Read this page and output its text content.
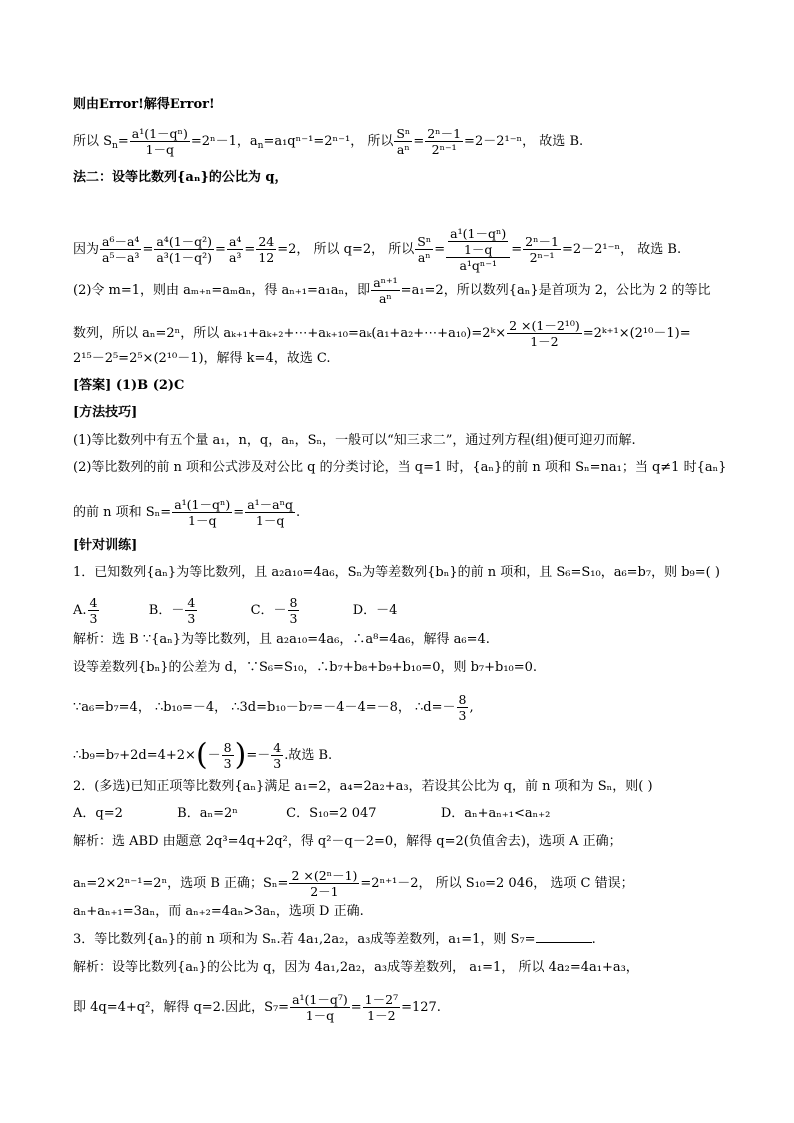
则由Error!解得Error!
所以 $S_n= \frac{\text{a¹(1－qⁿ)}}{1-q} =2^n-1$，$a_n=a_1q^{n-1}=2^{n-1}$， 所以 $\frac{\text{Sⁿ}}{\text{aⁿ}} = \frac{\text{2ⁿ－1}}{\text{2ⁿ⁻¹}} =2-2^{1-n}$， 故选 B.
法二：设等比数列{aₙ}的公比为 q，
因为 $\frac{\text{a⁶－a⁴}}{\text{a⁵－a³}} = \frac{\text{a⁴(1－q²)}}{\text{a³(1－q²)}} = \frac{\text{a⁴}}{\text{a³}} = \frac{24}{12} =2$， 所以 q=2， 所以 $\frac{\text{Sⁿ}}{\text{aⁿ}} = \frac{\frac{\text{a¹(1－qⁿ)}}{1-q}}{\text{a¹qⁿ⁻¹}} = \frac{\text{2ⁿ－1}}{\text{2ⁿ⁻¹}} =2-2^{1-n}$， 故选 B.
(2)令 m=1，则由 aₘ₊ₙ=aₘaₙ，得 aₙ₊₁=a₁aₙ，即 $\frac{\text{aⁿ⁺¹}}{\text{aⁿ}} =a_1=2$，所以数列{aₙ}是首项为 2，公比为 2 的等比
数列，所以 aₙ=2ⁿ，所以 aₖ₊₁+aₖ₊₂+⋯+aₖ₊₁₀=aₖ(a₁+a₂+⋯+a₁₀)=2ᵏ× $\frac{\text{2 ×(1－2¹⁰)}}{1-2}$ =2ᵏ⁺¹×(2¹⁰－1)=
2¹⁵－2⁵=2⁵×(2¹⁰－1)，解得 k=4，故选 C.
[答案] (1)B (2)C
[方法技巧]
(1)等比数列中有五个量 a₁，n，q，aₙ，Sₙ，一般可以“知三求二”，通过列方程(组)便可迎刃而解.
(2)等比数列的前 n 项和公式涉及对公比 q 的分类讨论，当 q=1 时，{aₙ}的前 n 项和 Sₙ=na₁；当 q≠1 时{aₙ}
的前 n 项和 $S_n= \frac{\text{a¹(1－qⁿ)}}{1-q} = \frac{\text{a¹－aⁿq}}{1-q}$ .
[针对训练]
1．已知数列{aₙ}为等比数列，且 a₂a₁₀=4a₆，Sₙ为等差数列{bₙ}的前 n 项和，且 S₆=S₁₀，a₆=b₇，则 b₉=( )
A. $\frac{4}{3}$	B．－ $\frac{4}{3}$	C．－ $\frac{8}{3}$	D．－4
解析：选 B ∵{aₙ}为等比数列，且 a₂a₁₀=4a₆，∴a⁸=4a₆，解得 a₆=4.
设等差数列{bₙ}的公差为 d，∵S₆=S₁₀，∴b₇+b₈+b₉+b₁₀=0，则 b₇+b₁₀=0.
∵a₆=b₇=4， ∴b₁₀=－4， ∴3d=b₁₀－b₇=－4－4=－8， ∴d=－ $\frac{8}{3}$ ,
∴b₉=b₇+2d=4+2×(－ $\frac{8}{3}$ )=－ $\frac{4}{3}$ .故选 B.
2．(多选)已知正项等比数列{aₙ}满足 a₁=2，a₄=2a₂+a₃，若设其公比为 q，前 n 项和为 Sₙ，则( )
A．q=2	B．aₙ=2ⁿ	C．S₁₀=2 047	D．aₙ+aₙ₊₁<aₙ₊₂
解析：选 ABD 由题意 2q³=4q+2q²，得 q²－q－2=0，解得 q=2(负值舍去)，选项 A 正确；
aₙ=2×2ⁿ⁻¹=2ⁿ，选项 B 正确；$S_n= \frac{\text{2 ×(2ⁿ－1)}}{2-1} =2^{n+1}-2$， 所以 S₁₀=2 046， 选项 C 错误；
aₙ+aₙ₊₁=3aₙ，而 aₙ₊₂=4aₙ>3aₙ，选项 D 正确.
3．等比数列{aₙ}的前 n 项和为 Sₙ.若 4a₁,2a₂，a₃成等差数列，a₁=1，则 S₇=	.
解析：设等比数列{aₙ}的公比为 q，因为 4a₁,2a₂，a₃成等差数列， a₁=1， 所以 4a₂=4a₁+a₃，
即 4q=4+q²，解得 q=2.因此，$S_7= \frac{\text{a¹(1－q⁷)}}{1-q} = \frac{\text{1－2⁷}}{1-2} =127$.
